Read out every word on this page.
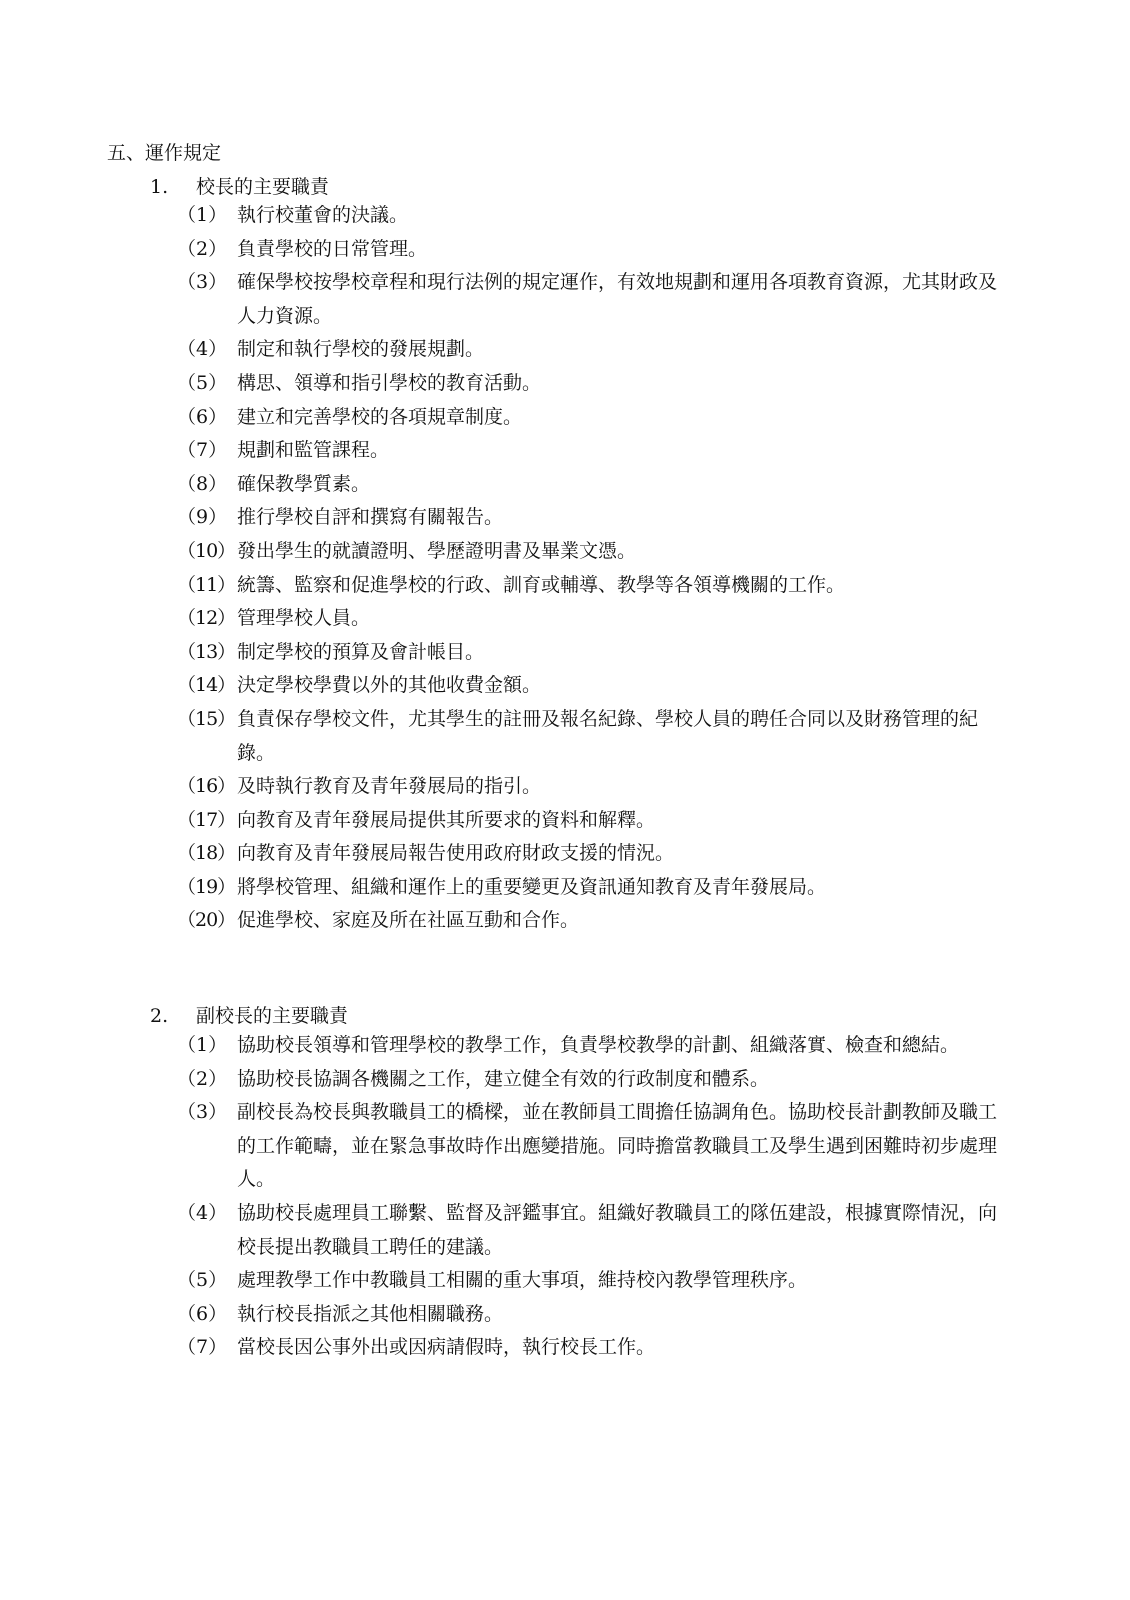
五、運作規定
1. 校長的主要職責
（1） 執行校董會的決議。
（2） 負責學校的日常管理。
（3） 確保學校按學校章程和現行法例的規定運作，有效地規劃和運用各項教育資源，尤其財政及人力資源。
（4） 制定和執行學校的發展規劃。
（5） 構思、領導和指引學校的教育活動。
（6） 建立和完善學校的各項規章制度。
（7） 規劃和監管課程。
（8） 確保教學質素。
（9） 推行學校自評和撰寫有關報告。
（10） 發出學生的就讀證明、學歷證明書及畢業文憑。
（11） 統籌、監察和促進學校的行政、訓育或輔導、教學等各領導機關的工作。
（12） 管理學校人員。
（13） 制定學校的預算及會計帳目。
（14） 決定學校學費以外的其他收費金額。
（15） 負責保存學校文件，尤其學生的註冊及報名紀錄、學校人員的聘任合同以及財務管理的紀錄。
（16） 及時執行教育及青年發展局的指引。
（17） 向教育及青年發展局提供其所要求的資料和解釋。
（18） 向教育及青年發展局報告使用政府財政支援的情況。
（19） 將學校管理、組織和運作上的重要變更及資訊通知教育及青年發展局。
（20） 促進學校、家庭及所在社區互動和合作。
2. 副校長的主要職責
（1） 協助校長領導和管理學校的教學工作，負責學校教學的計劃、組織落實、檢查和總結。
（2） 協助校長協調各機關之工作，建立健全有效的行政制度和體系。
（3） 副校長為校長與教職員工的橋樑，並在教師員工間擔任協調角色。協助校長計劃教師及職工的工作範疇，並在緊急事故時作出應變措施。同時擔當教職員工及學生遇到困難時初步處理人。
（4） 協助校長處理員工聯繫、監督及評鑑事宜。組織好教職員工的隊伍建設，根據實際情況，向校長提出教職員工聘任的建議。
（5） 處理教學工作中教職員工相關的重大事項，維持校內教學管理秩序。
（6） 執行校長指派之其他相關職務。
（7） 當校長因公事外出或因病請假時，執行校長工作。
